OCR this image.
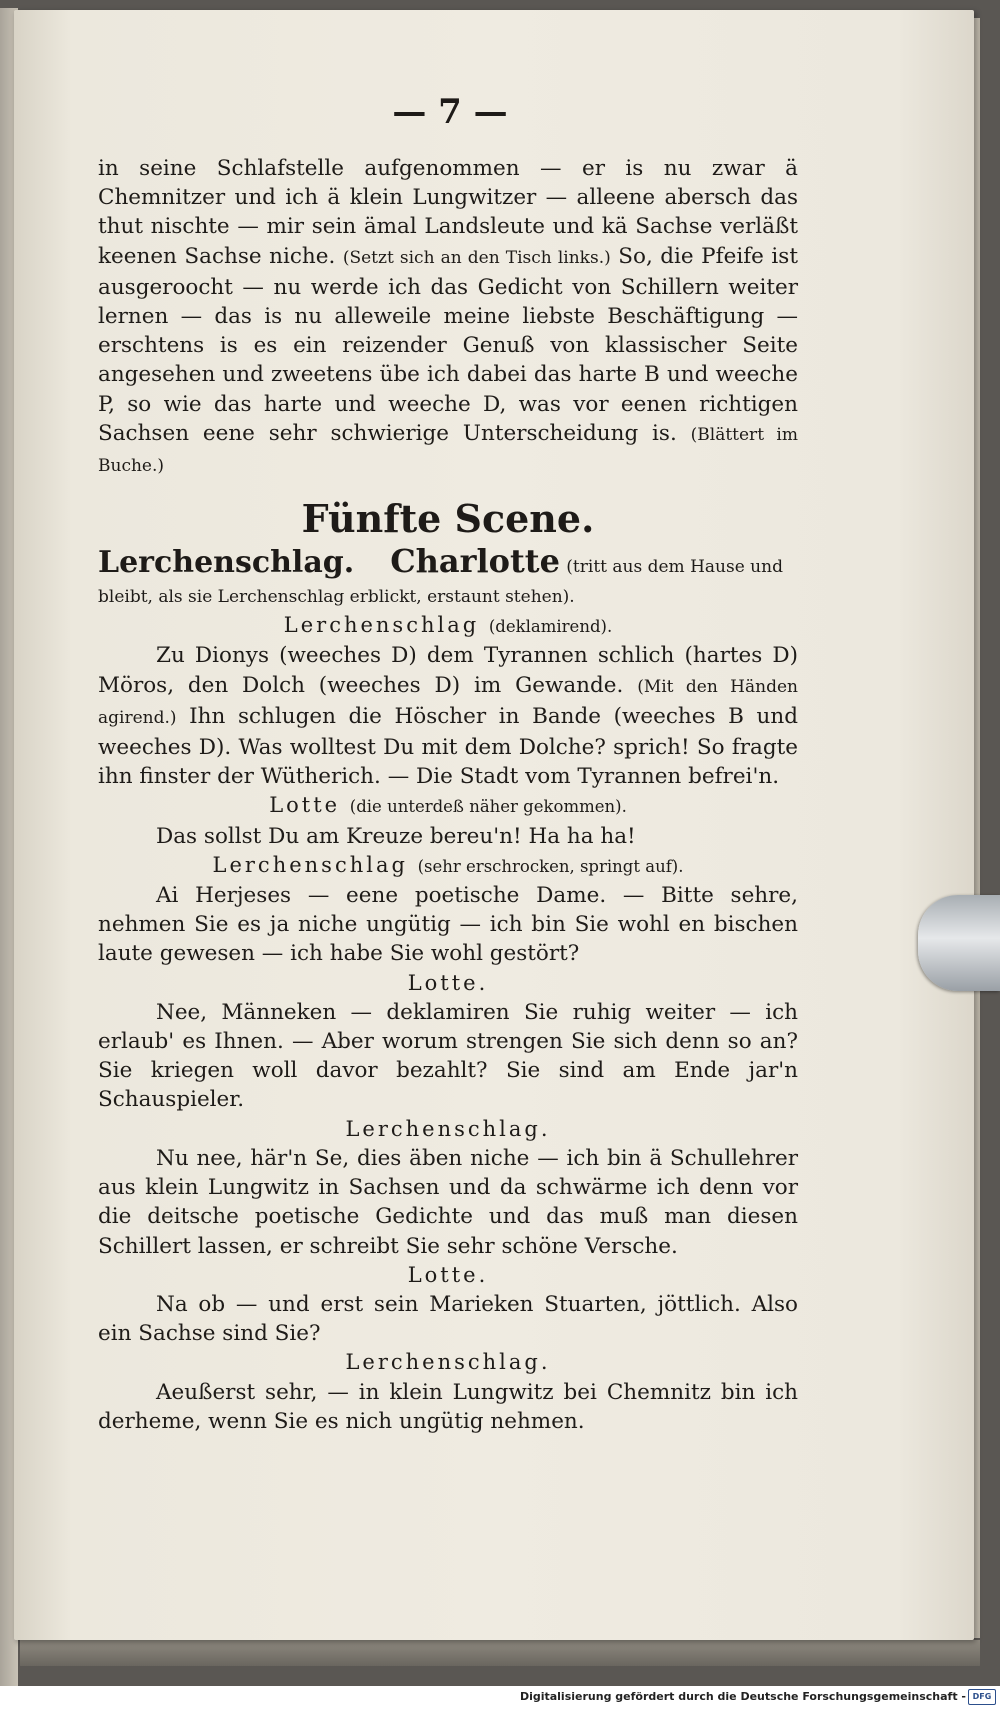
— 7 —

in seine Schlafstelle aufgenommen — er is nu zwar ä Chemnitzer und ich ä klein Lungwitzer — alleene abersch das thut nischte — mir sein ämal Landsleute und kä Sachse verläßt keenen Sachse niche. (Setzt sich an den Tisch links.) So, die Pfeife ist ausgeroocht — nu werde ich das Gedicht von Schillern weiter lernen — das is nu alleweile meine liebste Beschäftigung — erschtens is es ein reizender Genuß von klassischer Seite angesehen und zweetens übe ich dabei das harte B und weeche P, so wie das harte und weeche D, was vor eenen richtigen Sachsen eene sehr schwierige Unterscheidung is. (Blättert im Buche.)

Fünfte Scene.

Lerchenschlag. Charlotte (tritt aus dem Hause und bleibt, als sie Lerchenschlag erblickt, erstaunt stehen).

Lerchenschlag (deklamirend).

Zu Dionys (weeches D) dem Tyrannen schlich (hartes D) Möros, den Dolch (weeches D) im Gewande. (Mit den Händen agirend.) Ihn schlugen die Höscher in Bande (weeches B und weeches D). Was wolltest Du mit dem Dolche? sprich! So fragte ihn finster der Wütherich. — Die Stadt vom Tyrannen befrei'n.

Lotte (die unterdeß näher gekommen).

Das sollst Du am Kreuze bereu'n! Ha ha ha!

Lerchenschlag (sehr erschrocken, springt auf).

Ai Herjeses — eene poetische Dame. — Bitte sehre, nehmen Sie es ja niche ungütig — ich bin Sie wohl en bischen laute gewesen — ich habe Sie wohl gestört?

Lotte.

Nee, Männeken — deklamiren Sie ruhig weiter — ich erlaub' es Ihnen. — Aber worum strengen Sie sich denn so an? Sie kriegen woll davor bezahlt? Sie sind am Ende jar'n Schauspieler.

Lerchenschlag.

Nu nee, här'n Se, dies äben niche — ich bin ä Schullehrer aus klein Lungwitz in Sachsen und da schwärme ich denn vor die deitsche poetische Gedichte und das muß man diesen Schillert lassen, er schreibt Sie sehr schöne Versche.

Lotte.

Na ob — und erst sein Marieken Stuarten, jöttlich. Also ein Sachse sind Sie?

Lerchenschlag.

Aeußerst sehr, — in klein Lungwitz bei Chemnitz bin ich derheme, wenn Sie es nich ungütig nehmen.

Digitalisierung gefördert durch die Deutsche Forschungsgemeinschaft - DFG
